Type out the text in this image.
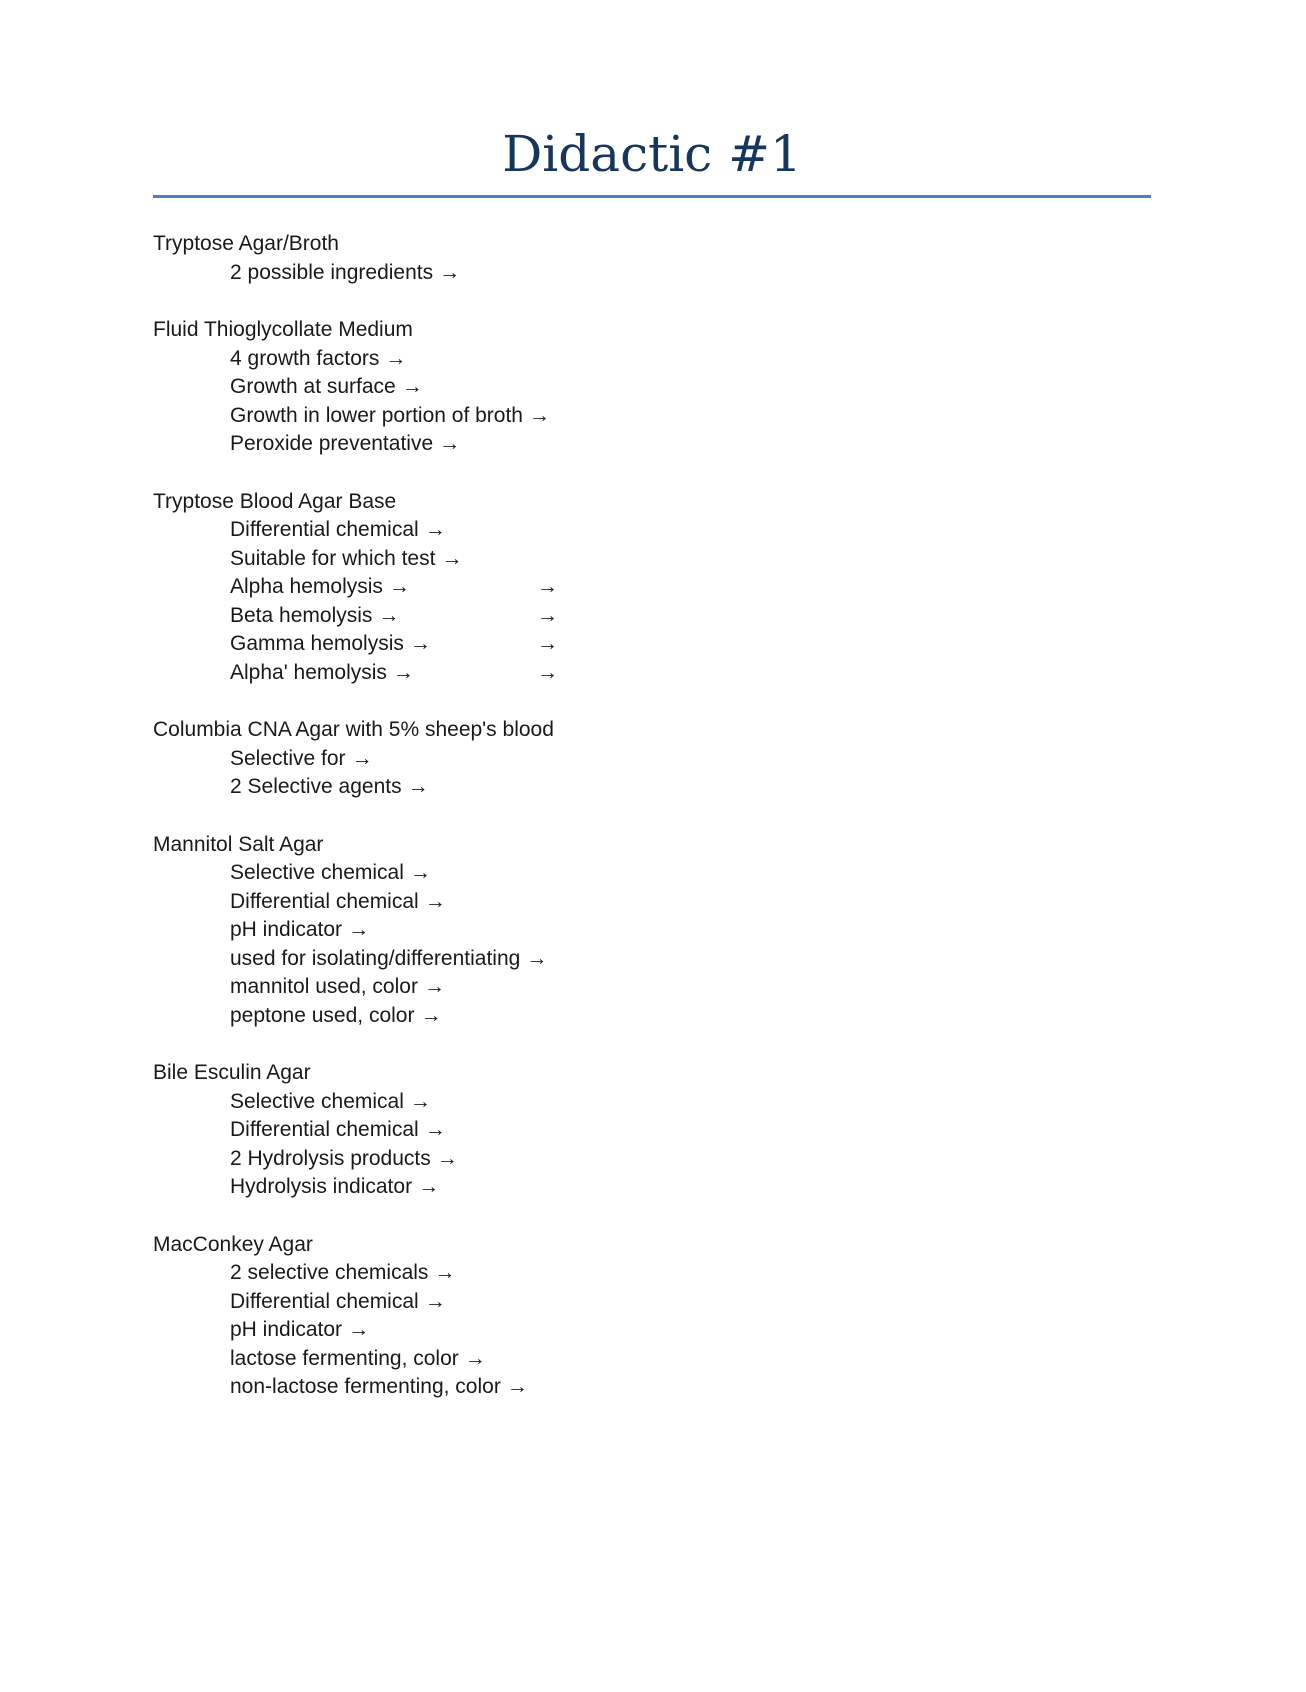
Didactic #1
Tryptose Agar/Broth
2 possible ingredients →
Fluid Thioglycollate Medium
4 growth factors →
Growth at surface →
Growth in lower portion of broth →
Peroxide preventative →
Tryptose Blood Agar Base
Differential chemical →
Suitable for which test →
Alpha hemolysis →	→
Beta hemolysis →	→
Gamma hemolysis →	→
Alpha' hemolysis →	→
Columbia CNA Agar with 5% sheep's blood
Selective for →
2 Selective agents →
Mannitol Salt Agar
Selective chemical →
Differential chemical →
pH indicator →
used for isolating/differentiating →
mannitol used, color →
peptone used, color →
Bile Esculin Agar
Selective chemical →
Differential chemical →
2 Hydrolysis products →
Hydrolysis indicator →
MacConkey Agar
2 selective chemicals →
Differential chemical →
pH indicator →
lactose fermenting, color →
non-lactose fermenting, color →
